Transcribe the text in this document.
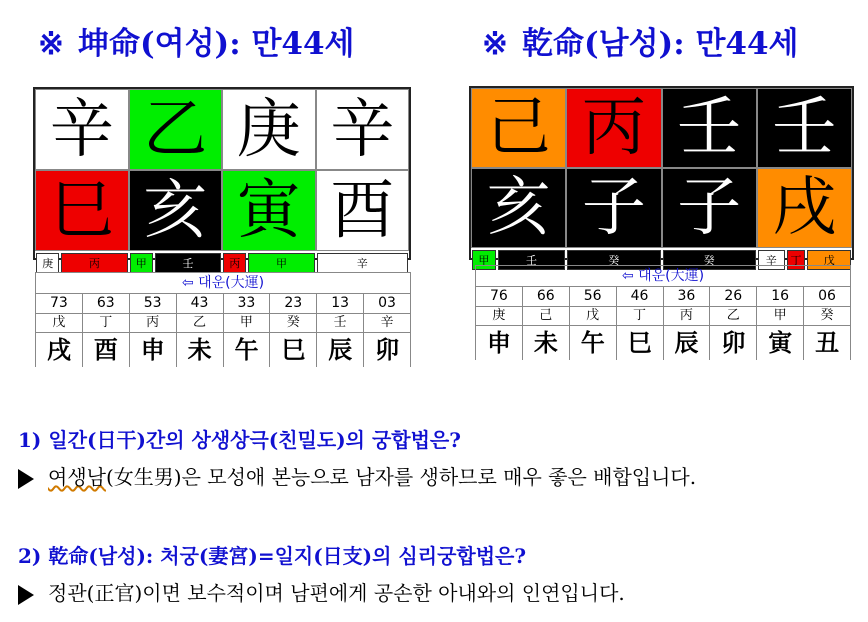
※ 坤命(여성): 만44세	※ 乾命(남성): 만44세
辛 乙 庚 辛
巳 亥 寅 酉
庚	丙	甲	壬	丙	甲	辛
己 丙 壬 壬
亥 子 子 戌
甲	壬	癸	癸	辛	丁	戊
⇦ 대운(大運)
73	63	53	43	33	23	13	03
戊	丁	丙	乙	甲	癸	壬	辛
戌 酉 申 未 午 巳 辰 卯
⇦ 대운(大運)
76	66	56	46	36	26	16	06
庚	己	戊	丁	丙	乙	甲	癸
申 未 午 巳 辰 卯 寅 丑
1) 일간(日干)간의 상생상극(친밀도)의 궁합법은?
여생남(女生男)은 모성애 본능으로 남자를 생하므로 매우 좋은 배합입니다.
2) 乾命(남성): 처궁(妻宮)=일지(日支)의 심리궁합법은?
정관(正官)이면 보수적이며 남편에게 공손한 아내와의 인연입니다.
